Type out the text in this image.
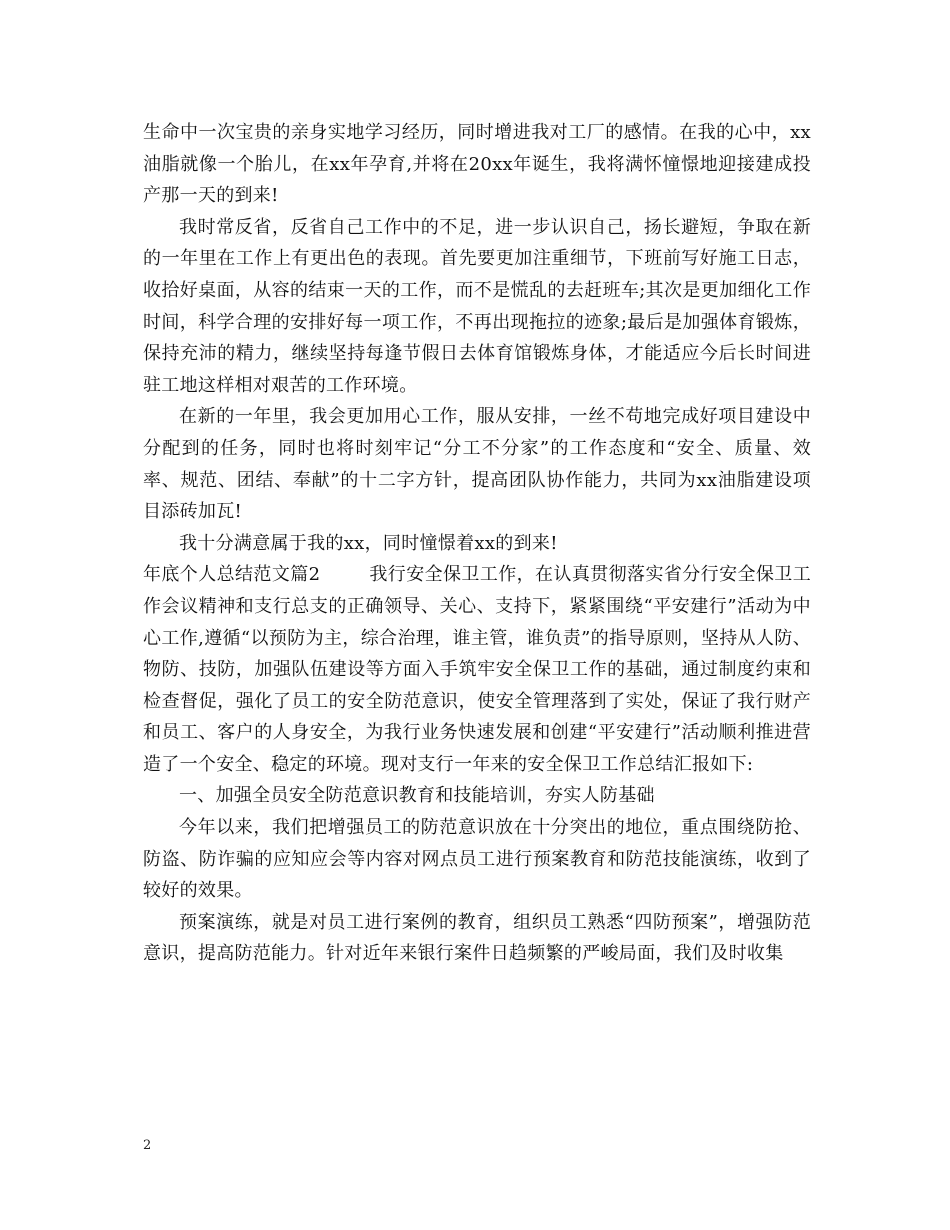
生命中一次宝贵的亲身实地学习经历，同时增进我对工厂的感情。在我的心中，xx油脂就像一个胎儿，在xx年孕育,并将在20xx年诞生，我将满怀憧憬地迎接建成投产那一天的到来!

我时常反省，反省自己工作中的不足，进一步认识自己，扬长避短，争取在新的一年里在工作上有更出色的表现。首先要更加注重细节，下班前写好施工日志，收拾好桌面，从容的结束一天的工作，而不是慌乱的去赶班车;其次是更加细化工作时间，科学合理的安排好每一项工作，不再出现拖拉的迹象;最后是加强体育锻炼，保持充沛的精力，继续坚持每逢节假日去体育馆锻炼身体，才能适应今后长时间进驻工地这样相对艰苦的工作环境。

在新的一年里，我会更加用心工作，服从安排，一丝不苟地完成好项目建设中分配到的任务，同时也将时刻牢记“分工不分家”的工作态度和“安全、质量、效率、规范、团结、奉献”的十二字方针，提高团队协作能力，共同为xx油脂建设项目添砖加瓦!

我十分满意属于我的xx，同时憧憬着xx的到来!

年底个人总结范文篇2	我行安全保卫工作，在认真贯彻落实省分行安全保卫工作会议精神和支行总支的正确领导、关心、支持下，紧紧围绕“平安建行”活动为中心工作,遵循“以预防为主，综合治理，谁主管，谁负责”的指导原则，坚持从人防、物防、技防，加强队伍建设等方面入手筑牢安全保卫工作的基础，通过制度约束和检查督促，强化了员工的安全防范意识，使安全管理落到了实处，保证了我行财产和员工、客户的人身安全，为我行业务快速发展和创建“平安建行”活动顺利推进营造了一个安全、稳定的环境。现对支行一年来的安全保卫工作总结汇报如下:

一、加强全员安全防范意识教育和技能培训，夯实人防基础

今年以来，我们把增强员工的防范意识放在十分突出的地位，重点围绕防抢、防盗、防诈骗的应知应会等内容对网点员工进行预案教育和防范技能演练，收到了较好的效果。

预案演练，就是对员工进行案例的教育，组织员工熟悉“四防预案”，增强防范意识，提高防范能力。针对近年来银行案件日趋频繁的严峻局面，我们及时收集

2
